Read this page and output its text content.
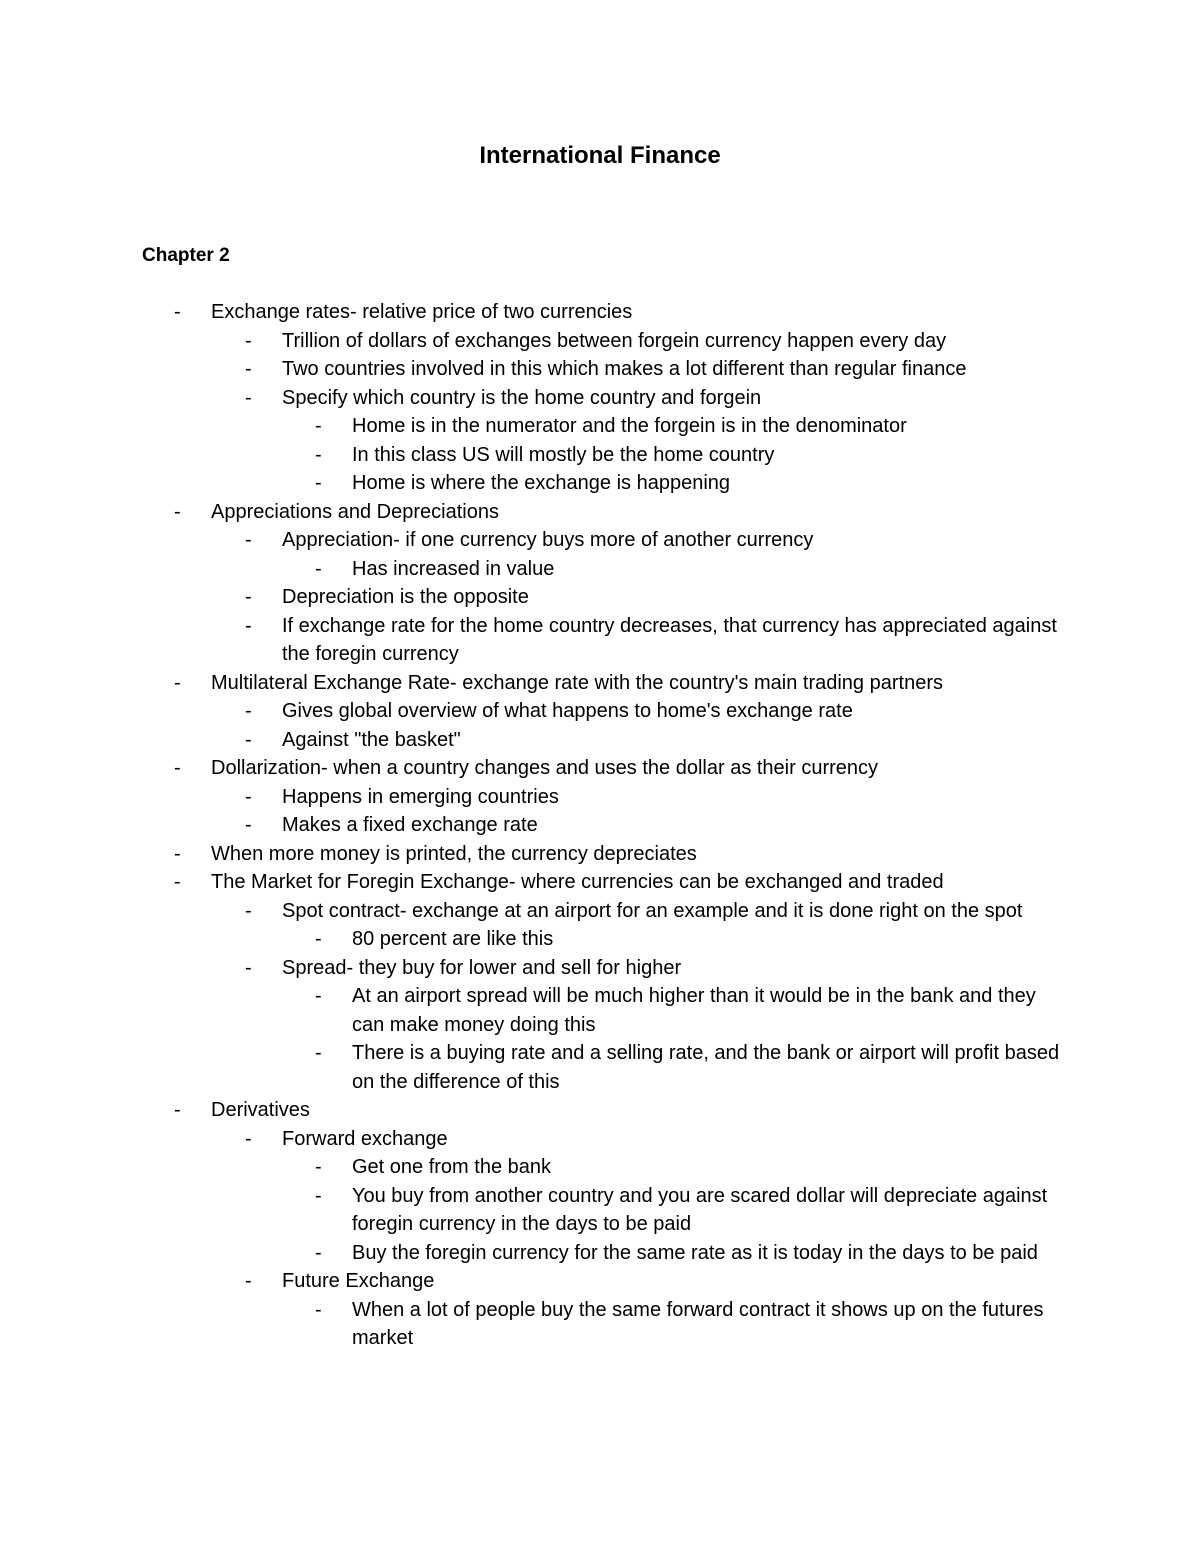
International Finance
Chapter 2
- Exchange rates- relative price of two currencies
- Trillion of dollars of exchanges between forgein currency happen every day
- Two countries involved in this which makes a lot different than regular finance
- Specify which country is the home country and forgein
- Home is in the numerator and the forgein is in the denominator
- In this class US will mostly be the home country
- Home is where the exchange is happening
- Appreciations and Depreciations
- Appreciation- if one currency buys more of another currency
- Has increased in value
- Depreciation is the opposite
- If exchange rate for the home country decreases, that currency has appreciated against the foregin currency
- Multilateral Exchange Rate- exchange rate with the country's main trading partners
- Gives global overview of what happens to home's exchange rate
- Against "the basket"
- Dollarization- when a country changes and uses the dollar as their currency
- Happens in emerging countries
- Makes a fixed exchange rate
- When more money is printed, the currency depreciates
- The Market for Foregin Exchange- where currencies can be exchanged and traded
- Spot contract- exchange at an airport for an example and it is done right on the spot
- 80 percent are like this
- Spread- they buy for lower and sell for higher
- At an airport spread will be much higher than it would be in the bank and they can make money doing this
- There is a buying rate and a selling rate, and the bank or airport will profit based on the difference of this
- Derivatives
- Forward exchange
- Get one from the bank
- You buy from another country and you are scared dollar will depreciate against foregin currency in the days to be paid
- Buy the foregin currency for the same rate as it is today in the days to be paid
- Future Exchange
- When a lot of people buy the same forward contract it shows up on the futures market
